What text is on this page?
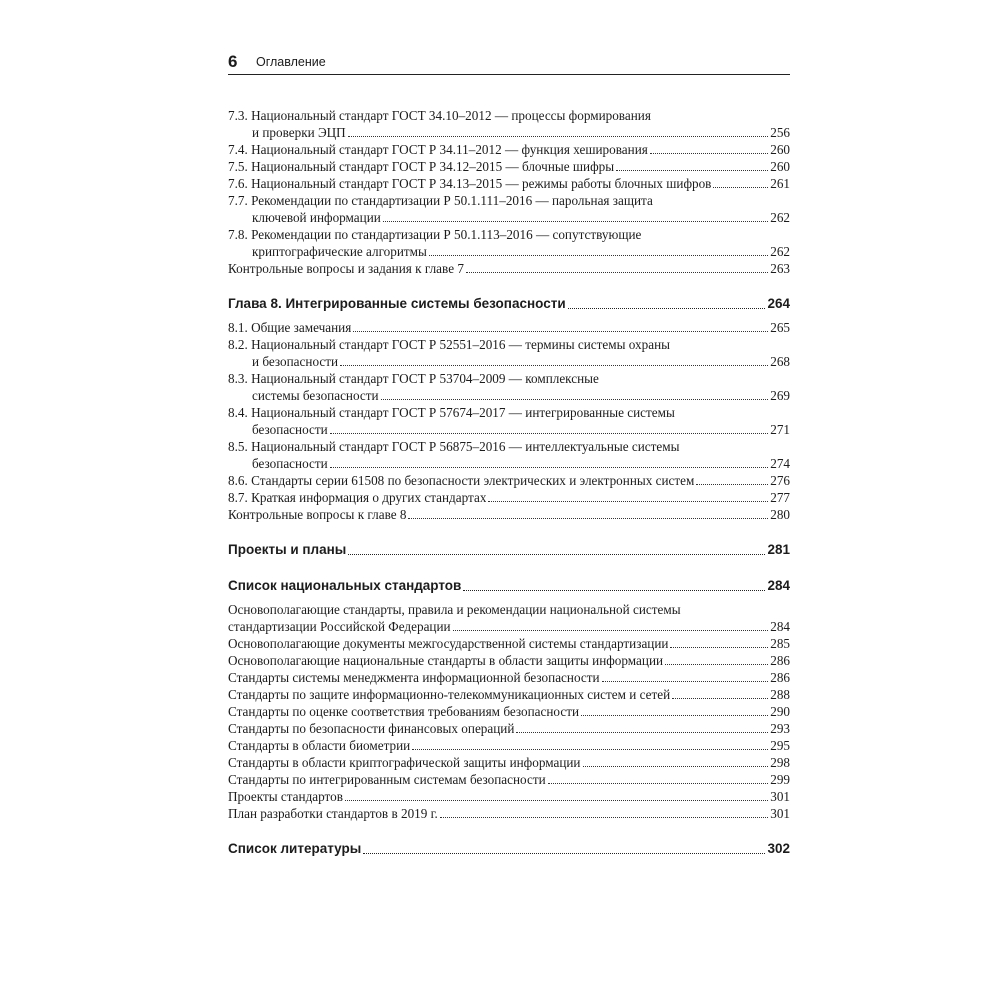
6 Оглавление
7.3. Национальный стандарт ГОСТ 34.10–2012 — процессы формирования
и проверки ЭЦП	256
7.4. Национальный стандарт ГОСТ Р 34.11–2012 — функция хеширования	260
7.5. Национальный стандарт ГОСТ Р 34.12–2015 — блочные шифры	260
7.6. Национальный стандарт ГОСТ Р 34.13–2015 — режимы работы блочных шифров	261
7.7. Рекомендации по стандартизации Р 50.1.111–2016 — парольная защита
ключевой информации	262
7.8. Рекомендации по стандартизации Р 50.1.113–2016 — сопутствующие
криптографические алгоритмы	262
Контрольные вопросы и задания к главе 7	263
Глава 8. Интегрированные системы безопасности	264
8.1. Общие замечания	265
8.2. Национальный стандарт ГОСТ Р 52551–2016 — термины системы охраны
и безопасности	268
8.3. Национальный стандарт ГОСТ Р 53704–2009 — комплексные
системы безопасности	269
8.4. Национальный стандарт ГОСТ Р 57674–2017 — интегрированные системы
безопасности	271
8.5. Национальный стандарт ГОСТ Р 56875–2016 — интеллектуальные системы
безопасности	274
8.6. Стандарты серии 61508 по безопасности электрических и электронных систем	276
8.7. Краткая информация о других стандартах	277
Контрольные вопросы к главе 8	280
Проекты и планы	281
Список национальных стандартов	284
Основополагающие стандарты, правила и рекомендации национальной системы
стандартизации Российской Федерации	284
Основополагающие документы межгосударственной системы стандартизации	285
Основополагающие национальные стандарты в области защиты информации	286
Стандарты системы менеджмента информационной безопасности	286
Стандарты по защите информационно-телекоммуникационных систем и сетей	288
Стандарты по оценке соответствия требованиям безопасности	290
Стандарты по безопасности финансовых операций	293
Стандарты в области биометрии	295
Стандарты в области криптографической защиты информации	298
Стандарты по интегрированным системам безопасности	299
Проекты стандартов	301
План разработки стандартов в 2019 г.	301
Список литературы	302
